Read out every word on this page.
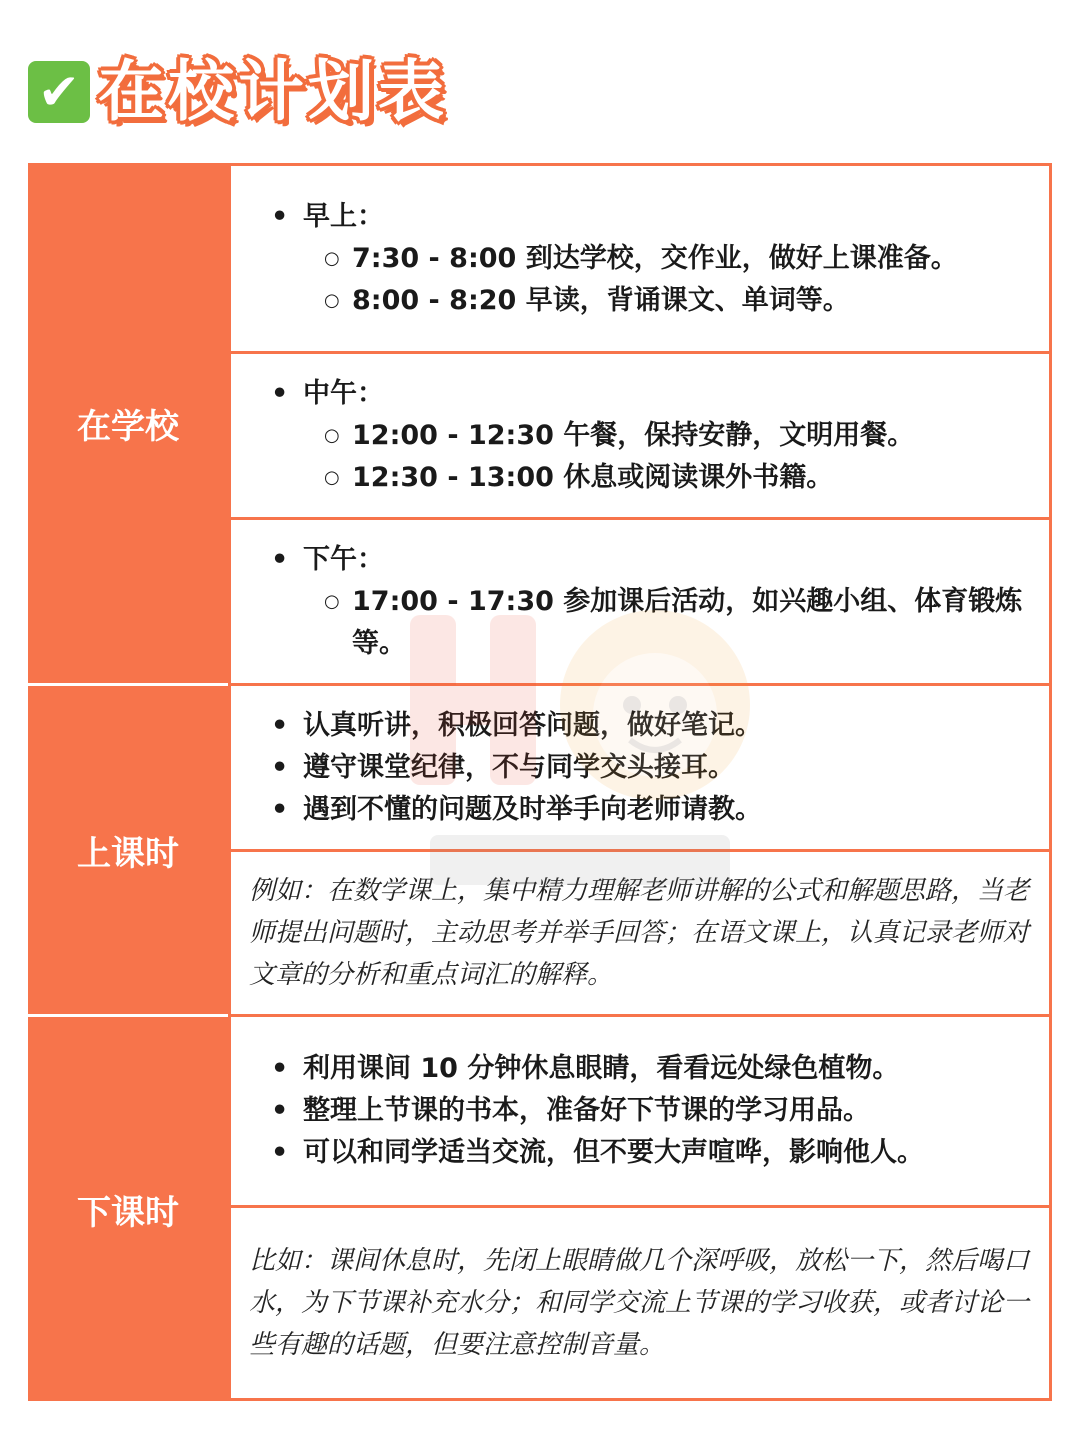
✔ 在校计划表
在学校
上课时
下课时
• 早上：
○ 7:30 - 8:00 到达学校，交作业，做好上课准备。
○ 8:00 - 8:20 早读，背诵课文、单词等。
• 中午：
○ 12:00 - 12:30 午餐，保持安静，文明用餐。
○ 12:30 - 13:00 休息或阅读课外书籍。
• 下午：
○ 17:00 - 17:30 参加课后活动，如兴趣小组、体育锻炼等。
• 认真听讲，积极回答问题，做好笔记。
• 遵守课堂纪律，不与同学交头接耳。
• 遇到不懂的问题及时举手向老师请教。
例如：在数学课上，集中精力理解老师讲解的公式和解题思路，当老师提出问题时，主动思考并举手回答；在语文课上，认真记录老师对文章的分析和重点词汇的解释。
• 利用课间 10 分钟休息眼睛，看看远处绿色植物。
• 整理上节课的书本，准备好下节课的学习用品。
• 可以和同学适当交流，但不要大声喧哗，影响他人。
比如：课间休息时，先闭上眼睛做几个深呼吸，放松一下，然后喝口水，为下节课补充水分；和同学交流上节课的学习收获，或者讨论一些有趣的话题，但要注意控制音量。
